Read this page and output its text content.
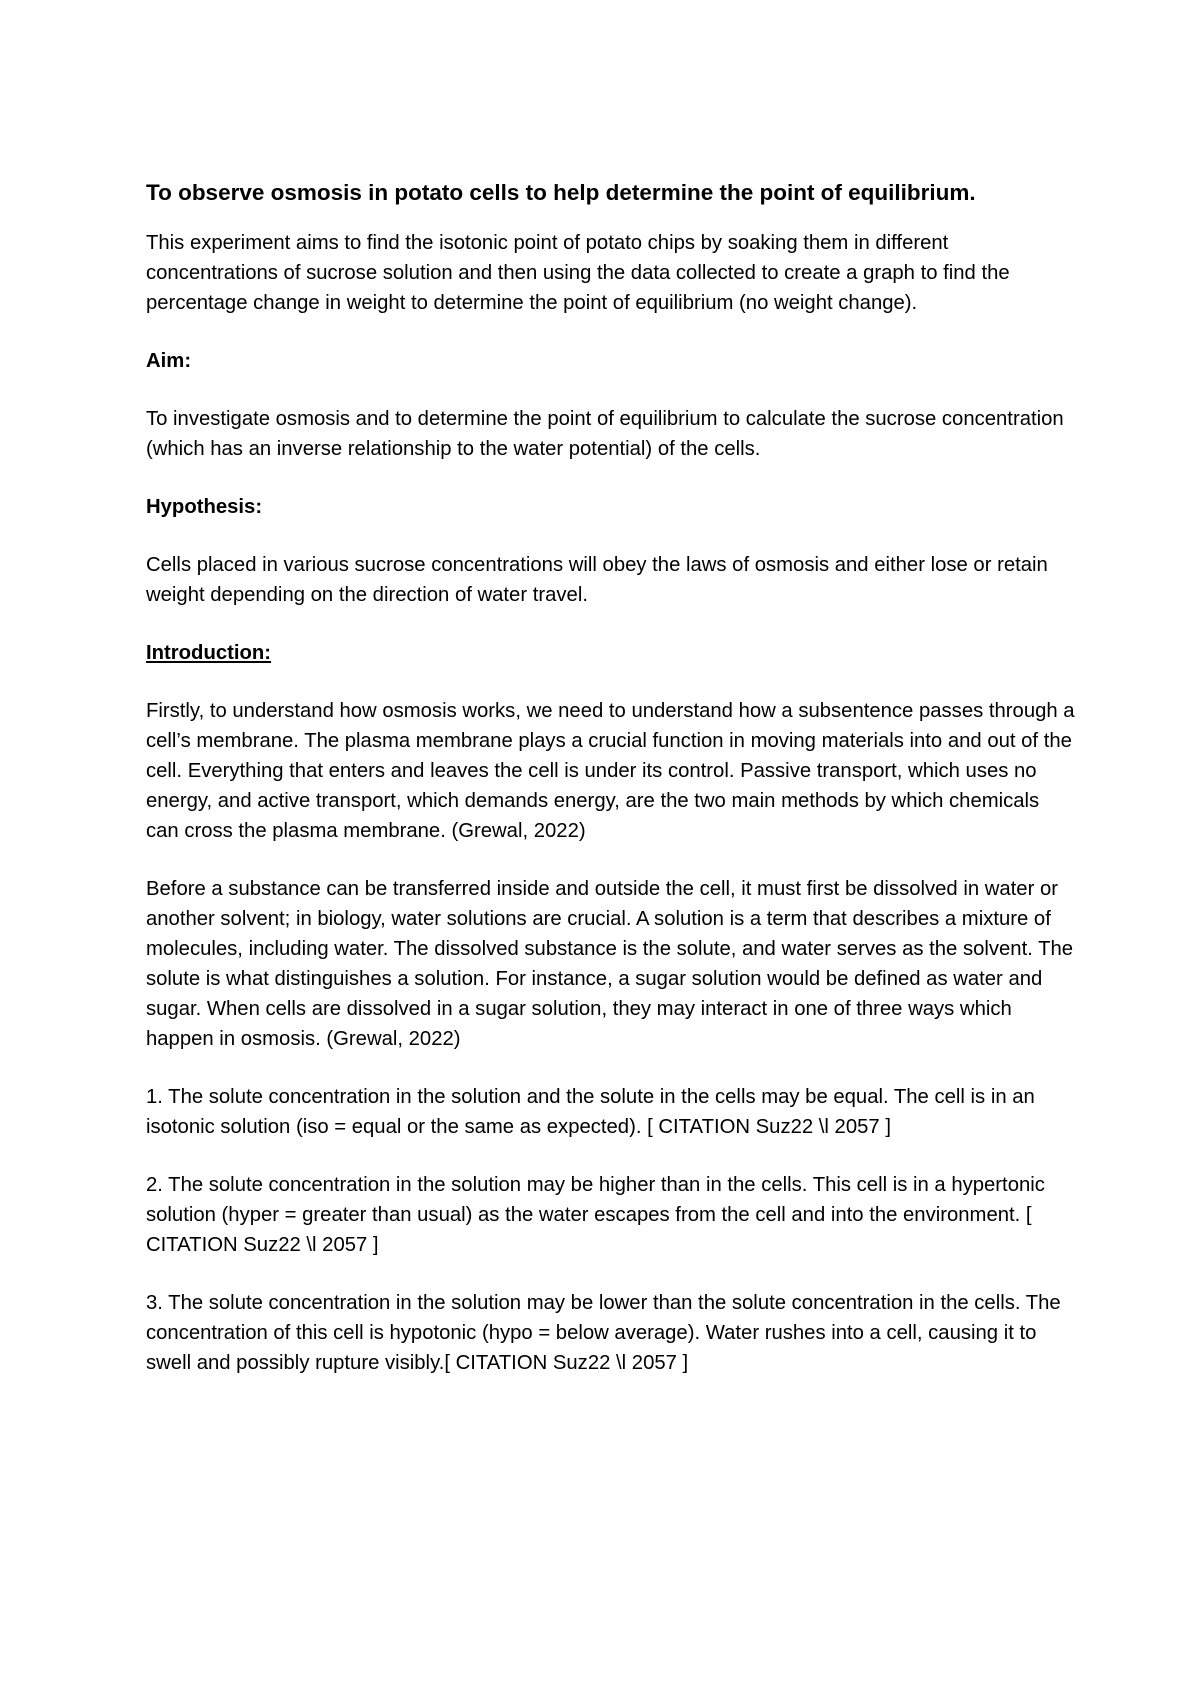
To observe osmosis in potato cells to help determine the point of equilibrium.

This experiment aims to find the isotonic point of potato chips by soaking them in different concentrations of sucrose solution and then using the data collected to create a graph to find the percentage change in weight to determine the point of equilibrium (no weight change).

Aim:

To investigate osmosis and to determine the point of equilibrium to calculate the sucrose concentration (which has an inverse relationship to the water potential) of the cells.

Hypothesis:

Cells placed in various sucrose concentrations will obey the laws of osmosis and either lose or retain weight depending on the direction of water travel.

Introduction:

Firstly, to understand how osmosis works, we need to understand how a subsentence passes through a cell’s membrane. The plasma membrane plays a crucial function in moving materials into and out of the cell. Everything that enters and leaves the cell is under its control. Passive transport, which uses no energy, and active transport, which demands energy, are the two main methods by which chemicals can cross the plasma membrane. (Grewal, 2022)

Before a substance can be transferred inside and outside the cell, it must first be dissolved in water or another solvent; in biology, water solutions are crucial. A solution is a term that describes a mixture of molecules, including water. The dissolved substance is the solute, and water serves as the solvent. The solute is what distinguishes a solution. For instance, a sugar solution would be defined as water and sugar. When cells are dissolved in a sugar solution, they may interact in one of three ways which happen in osmosis. (Grewal, 2022)

1. The solute concentration in the solution and the solute in the cells may be equal. The cell is in an isotonic solution (iso = equal or the same as expected). [ CITATION Suz22 \l 2057 ]

2. The solute concentration in the solution may be higher than in the cells. This cell is in a hypertonic solution (hyper = greater than usual) as the water escapes from the cell and into the environment. [ CITATION Suz22 \l 2057 ]

3. The solute concentration in the solution may be lower than the solute concentration in the cells. The concentration of this cell is hypotonic (hypo = below average). Water rushes into a cell, causing it to swell and possibly rupture visibly.[ CITATION Suz22 \l 2057 ]
